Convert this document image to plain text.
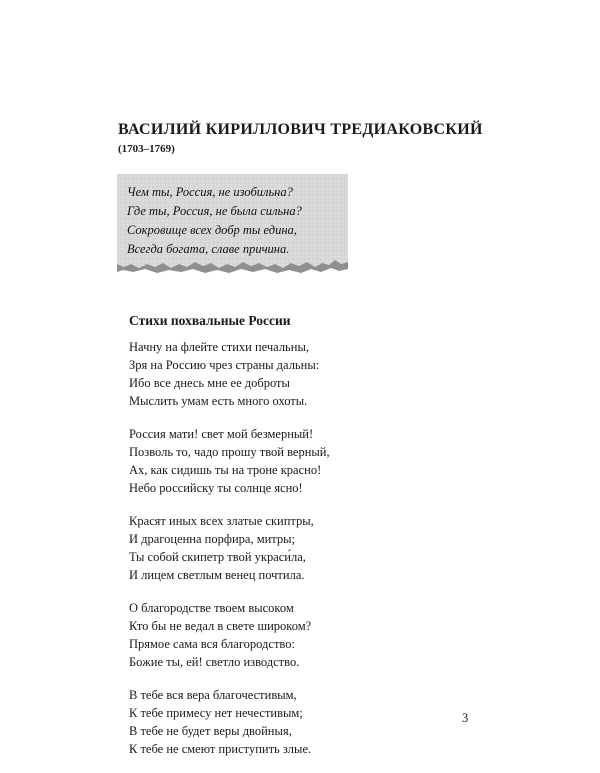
ВАСИЛИЙ КИРИЛЛОВИЧ ТРЕДИАКОВСКИЙ
(1703–1769)
Чем ты, Россия, не изобильна?
Где ты, Россия, не была сильна?
Сокровище всех добр ты едина,
Всегда богата, славе причина.
Стихи похвальные России
Начну на флейте стихи печальны,
Зря на Россию чрез страны дальны:
Ибо все днесь мне ее доброты
Мыслить умам есть много охоты.
Россия мати! свет мой безмерный!
Позволь то, чадо прошу твой верный,
Ах, как сидишь ты на троне красно!
Небо российску ты солнце ясно!
Красят иных всех златые скиптры,
И драгоценна порфира, митры;
Ты собой скипетр твой украси́ла,
И лицем светлым венец почтила.
О благородстве твоем высоком
Кто бы не ведал в свете широком?
Прямое сама вся благородство:
Божие ты, ей! светло изводство.
В тебе вся вера благочестивым,
К тебе примесу нет нечестивым;
В тебе не будет веры двойныя,
К тебе не смеют приступить злые.
3
